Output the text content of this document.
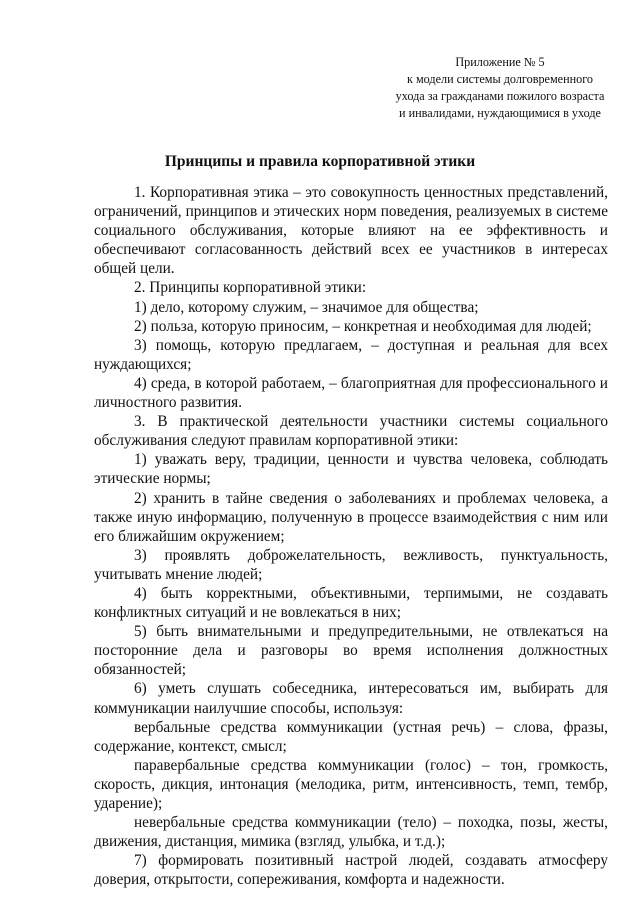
Приложение № 5
к модели системы долговременного
ухода за гражданами пожилого возраста
и инвалидами, нуждающимися в уходе
Принципы и правила корпоративной этики

1. Корпоративная этика – это совокупность ценностных представлений, ограничений, принципов и этических норм поведения, реализуемых в системе социального обслуживания, которые влияют на ее эффективность и обеспечивают согласованность действий всех ее участников в интересах общей цели.

2. Принципы корпоративной этики:

1) дело, которому служим, – значимое для общества;

2) польза, которую приносим, – конкретная и необходимая для людей;

3) помощь, которую предлагаем, – доступная и реальная для всех нуждающихся;

4) среда, в которой работаем, – благоприятная для профессионального и личностного развития.

3. В практической деятельности участники системы социального обслуживания следуют правилам корпоративной этики:

1) уважать веру, традиции, ценности и чувства человека, соблюдать этические нормы;

2) хранить в тайне сведения о заболеваниях и проблемах человека, а также иную информацию, полученную в процессе взаимодействия с ним или его ближайшим окружением;

3) проявлять доброжелательность, вежливость, пунктуальность, учитывать мнение людей;

4) быть корректными, объективными, терпимыми, не создавать конфликтных ситуаций и не вовлекаться в них;

5) быть внимательными и предупредительными, не отвлекаться на посторонние дела и разговоры во время исполнения должностных обязанностей;

6) уметь слушать собеседника, интересоваться им, выбирать для коммуникации наилучшие способы, используя:

вербальные средства коммуникации (устная речь) – слова, фразы, содержание, контекст, смысл;

паравербальные средства коммуникации (голос) – тон, громкость, скорость, дикция, интонация (мелодика, ритм, интенсивность, темп, тембр, ударение);

невербальные средства коммуникации (тело) – походка, позы, жесты, движения, дистанция, мимика (взгляд, улыбка, и т.д.);

7) формировать позитивный настрой людей, создавать атмосферу доверия, открытости, сопереживания, комфорта и надежности.
